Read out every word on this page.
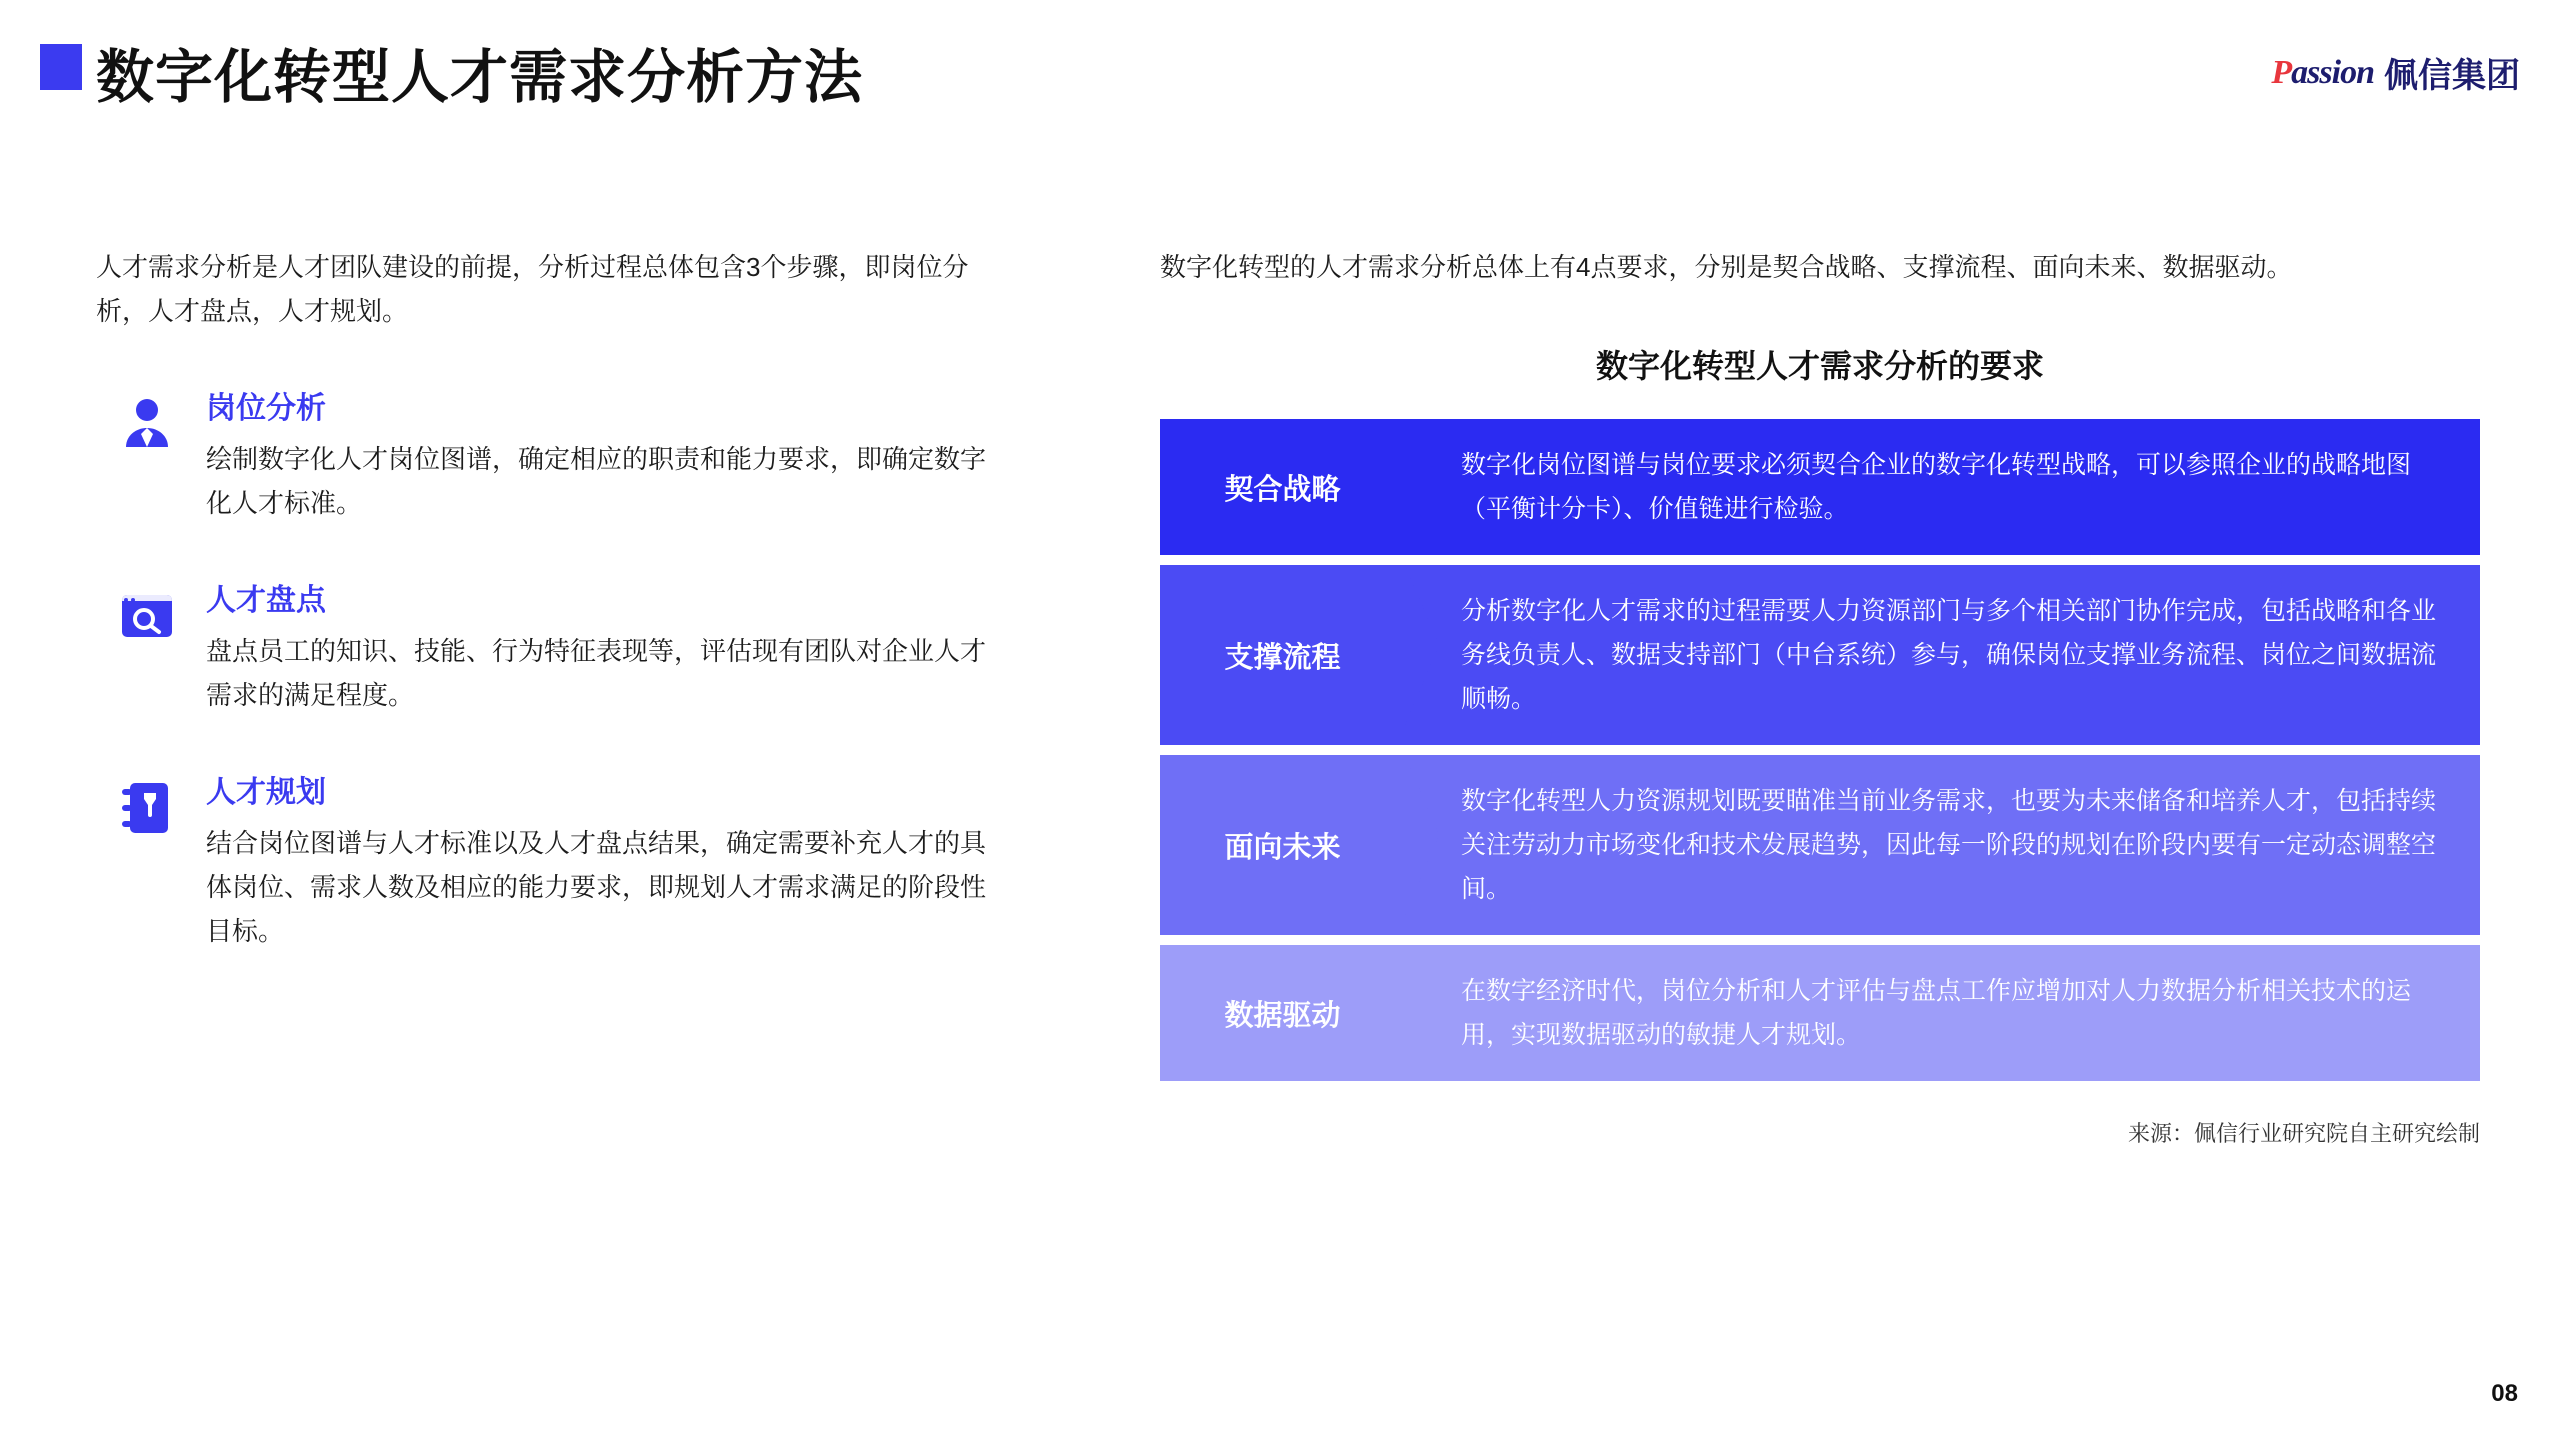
数字化转型人才需求分析方法	Passion 佩信集团
人才需求分析是人才团队建设的前提，分析过程总体包含3个步骤，即岗位分析，人才盘点，人才规划。
岗位分析
绘制数字化人才岗位图谱，确定相应的职责和能力要求，即确定数字化人才标准。
人才盘点
盘点员工的知识、技能、行为特征表现等，评估现有团队对企业人才需求的满足程度。
人才规划
结合岗位图谱与人才标准以及人才盘点结果，确定需要补充人才的具体岗位、需求人数及相应的能力要求，即规划人才需求满足的阶段性目标。
数字化转型的人才需求分析总体上有4点要求，分别是契合战略、支撑流程、面向未来、数据驱动。
数字化转型人才需求分析的要求
契合战略
数字化岗位图谱与岗位要求必须契合企业的数字化转型战略，可以参照企业的战略地图（平衡计分卡）、价值链进行检验。
支撑流程
分析数字化人才需求的过程需要人力资源部门与多个相关部门协作完成，包括战略和各业务线负责人、数据支持部门（中台系统）参与，确保岗位支撑业务流程、岗位之间数据流顺畅。
面向未来
数字化转型人力资源规划既要瞄准当前业务需求，也要为未来储备和培养人才，包括持续关注劳动力市场变化和技术发展趋势，因此每一阶段的规划在阶段内要有一定动态调整空间。
数据驱动
在数字经济时代，岗位分析和人才评估与盘点工作应增加对人力数据分析相关技术的运用，实现数据驱动的敏捷人才规划。
来源：佩信行业研究院自主研究绘制
08
